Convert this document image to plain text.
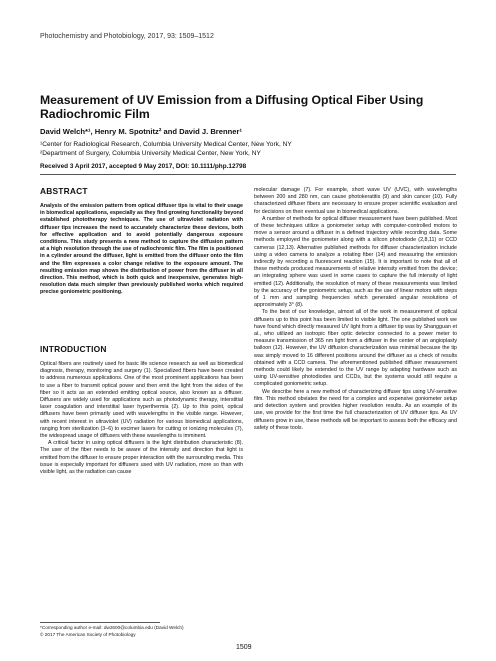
Photochemistry and Photobiology, 2017, 93: 1509–1512
Measurement of UV Emission from a Diffusing Optical Fiber Using Radiochromic Film
David Welch*¹, Henry M. Spotnitz² and David J. Brenner¹
¹Center for Radiological Research, Columbia University Medical Center, New York, NY
²Department of Surgery, Columbia University Medical Center, New York, NY
Received 3 April 2017, accepted 9 May 2017, DOI: 10.1111/php.12798
ABSTRACT

Analysis of the emission pattern from optical diffuser tips is vital to their usage in biomedical applications, especially as they find growing functionality beyond established phototherapy techniques. The use of ultraviolet radiation with diffuser tips increases the need to accurately characterize these devices, both for effective application and to avoid potentially dangerous exposure conditions. This study presents a new method to capture the diffusion pattern at a high resolution through the use of radiochromic film. The film is positioned in a cylinder around the diffuser, light is emitted from the diffuser onto the film and the film expresses a color change relative to the exposure amount. The resulting emission map shows the distribution of power from the diffuser in all direction. This method, which is both quick and inexpensive, generates high-resolution data much simpler than previously published works which required precise goniometric positioning.

INTRODUCTION

Optical fibers are routinely used for basic life science research as well as biomedical diagnosis, therapy, monitoring and surgery (1). Specialized fibers have been created to address numerous applications. One of the most prominent applications has been to use a fiber to transmit optical power and then emit the light from the sides of the fiber so it acts as an extended emitting optical source, also known as a diffuser. Diffusers are widely used for applications such as photodynamic therapy, interstitial laser coagulation and interstitial laser hyperthermia (2). Up to this point, optical diffusers have been primarily used with wavelengths in the visible range. However, with recent interest in ultraviolet (UV) radiation for various biomedical applications, ranging from sterilization (3–6) to excimer lasers for cutting or ionizing molecules (7), the widespread usage of diffusers with these wavelengths is imminent.

A critical factor in using optical diffusers is the light distribution characteristic (8). The user of the fiber needs to be aware of the intensity and direction that light is emitted from the diffuser to ensure proper interaction with the surrounding media. This issue is especially important for diffusers used with UV radiation, more so than with visible light, as the radiation can cause

molecular damage (7). For example, short wave UV (UVC), with wavelengths between 200 and 280 nm, can cause photokeratitis (9) and skin cancer (10). Fully characterized diffuser fibers are necessary to ensure proper scientific evaluation and for decisions on their eventual use in biomedical applications.

A number of methods for optical diffuser measurement have been published. Most of these techniques utilize a goniometer setup with computer-controlled motors to move a sensor around a diffuser in a defined trajectory while recording data. Some methods employed the goniometer along with a silicon photodiode (2,8,11) or CCD cameras (12,13). Alternative published methods for diffuser characterization include using a video camera to analyze a rotating fiber (14) and measuring the emission indirectly by recording a fluorescent reaction (15). It is important to note that all of these methods produced measurements of relative intensity emitted from the device; an integrating sphere was used in some cases to capture the full intensity of light emitted (12). Additionally, the resolution of many of these measurements was limited by the accuracy of the goniometric setup, such as the use of linear motors with steps of 1 mm and sampling frequencies which generated angular resolutions of approximately 3° (8).

To the best of our knowledge, almost all of the work in measurement of optical diffusers up to this point has been limited to visible light. The one published work we have found which directly measured UV light from a diffuser tip was by Shangguan et al., who utilized an isotropic fiber optic detector connected to a power meter to measure transmission of 365 nm light from a diffuser in the center of an angioplasty balloon (12). However, the UV diffusion characterization was minimal because the tip was simply moved to 16 different positions around the diffuser as a check of results obtained with a CCD camera. The aforementioned published diffuser measurement methods could likely be extended to the UV range by adapting hardware such as using UV-sensitive photodiodes and CCDs, but the systems would still require a complicated goniometric setup.

We describe here a new method of characterizing diffuser tips using UV-sensitive film. This method obviates the need for a complex and expensive goniometer setup and detection system and provides higher resolution results. As an example of its use, we provide for the first time the full characterization of UV diffuser tips. As UV diffusers grow in use, these methods will be important to assess both the efficacy and safety of these tools.

*Corresponding author e-mail: dw2600@columbia.edu (David Welch)
© 2017 The American Society of Photobiology
1509
